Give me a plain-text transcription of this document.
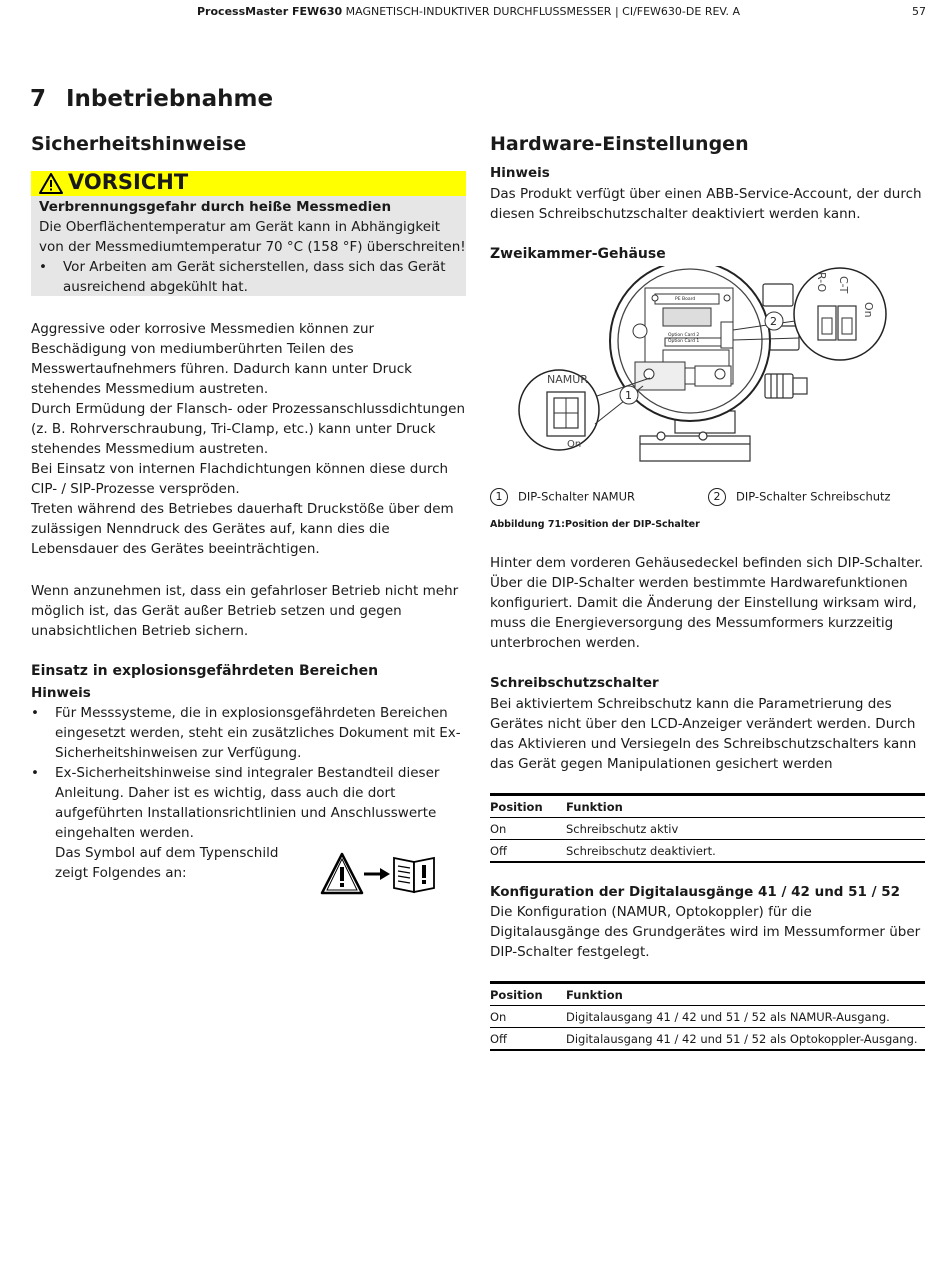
ProcessMaster FEW630 MAGNETISCH-INDUKTIVER DURCHFLUSSMESSER | CI/FEW630-DE REV. A	57
7 Inbetriebnahme
Sicherheitshinweise
VORSICHT
Verbrennungsgefahr durch heiße Messmedien
Die Oberflächentemperatur am Gerät kann in Abhängigkeit
von der Messmediumtemperatur 70 °C (158 °F) überschreiten!
• Vor Arbeiten am Gerät sicherstellen, dass sich das Gerät
ausreichend abgekühlt hat.
Aggressive oder korrosive Messmedien können zur
Beschädigung von mediumberührten Teilen des
Messwertaufnehmers führen. Dadurch kann unter Druck
stehendes Messmedium austreten.
Durch Ermüdung der Flansch- oder Prozessanschlussdichtungen
(z. B. Rohrverschraubung, Tri-Clamp, etc.) kann unter Druck
stehendes Messmedium austreten.
Bei Einsatz von internen Flachdichtungen können diese durch
CIP- / SIP-Prozesse verspröden.
Treten während des Betriebes dauerhaft Druckstöße über dem
zulässigen Nenndruck des Gerätes auf, kann dies die
Lebensdauer des Gerätes beeinträchtigen.
Wenn anzunehmen ist, dass ein gefahrloser Betrieb nicht mehr
möglich ist, das Gerät außer Betrieb setzen und gegen
unabsichtlichen Betrieb sichern.
Einsatz in explosionsgefährdeten Bereichen
Hinweis
• Für Messsysteme, die in explosionsgefährdeten Bereichen
eingesetzt werden, steht ein zusätzliches Dokument mit Ex-
Sicherheitshinweisen zur Verfügung.
• Ex-Sicherheitshinweise sind integraler Bestandteil dieser
Anleitung. Daher ist es wichtig, dass auch die dort
aufgeführten Installationsrichtlinien und Anschlusswerte
eingehalten werden.
Das Symbol auf dem Typenschild
zeigt Folgendes an:
Hardware-Einstellungen
Hinweis
Das Produkt verfügt über einen ABB-Service-Account, der durch
diesen Schreibschutzschalter deaktiviert werden kann.
Zweikammer-Gehäuse
PE Board
Option Card 2
Option Card 1
NAMUR
On
R-O C-T
On
1
2
1 DIP-Schalter NAMUR	2 DIP-Schalter Schreibschutz
Abbildung 71:Position der DIP-Schalter
Hinter dem vorderen Gehäusedeckel befinden sich DIP-Schalter.
Über die DIP-Schalter werden bestimmte Hardwarefunktionen
konfiguriert. Damit die Änderung der Einstellung wirksam wird,
muss die Energieversorgung des Messumformers kurzzeitig
unterbrochen werden.
Schreibschutzschalter
Bei aktiviertem Schreibschutz kann die Parametrierung des
Gerätes nicht über den LCD-Anzeiger verändert werden. Durch
das Aktivieren und Versiegeln des Schreibschutzschalters kann
das Gerät gegen Manipulationen gesichert werden
Position Funktion
On	Schreibschutz aktiv
Off	Schreibschutz deaktiviert.
Konfiguration der Digitalausgänge 41 / 42 und 51 / 52
Die Konfiguration (NAMUR, Optokoppler) für die
Digitalausgänge des Grundgerätes wird im Messumformer über
DIP-Schalter festgelegt.
Position Funktion
On	Digitalausgang 41 / 42 und 51 / 52 als NAMUR-Ausgang.
Off	Digitalausgang 41 / 42 und 51 / 52 als Optokoppler-Ausgang.
